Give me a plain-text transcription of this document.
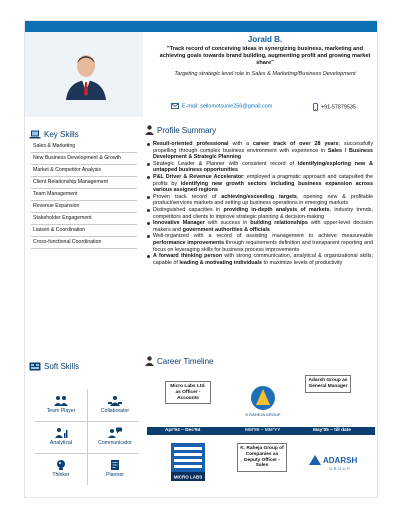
Jorald B.
"Track record of conceiving ideas in synergizing business, marketing and achieving goals towards brand building, augmenting profit and growing market share"
Targeting strategic level role in Sales & Marketing/Business Development
E-mail: sellomotsunie256@gmail.com	+91-57879535
Key Skills
Sales & Marketing
New Business Development & Growth
Market & Competitor Analysis
Client Relationship Management
Team Management
Revenue Expansion
Stakeholder Engagement
Liaison & Coordination
Cross-functional Coordination
Soft Skills
Team Player	Collaborator
Analytical	Communicator
Thinker	Planner
Profile Summary
Result-oriented professional with a career track of over 28 years; successfully propelling through complex business environment with experience in Sales / Business Development & Strategic Planning
Strategic Leader & Planner with consistent record of identifying/exploring new & untapped business opportunities
P&L Driver & Revenue Accelerator; employed a pragmatic approach and catapulted the profits by identifying new growth sectors including business expansion across various assigned regions
Proven track record of achieving/exceeding targets, opening new & profitable product/services markets and setting up business operations in emerging markets
Distinguished capacities in providing in-depth analysis of markets, industry trends, competitors and clients to improve strategic planning & decision-making
Innovative Manager with success in building relationships with upper-level decision makers and government authorities & officials
Well-organized with a record of assisting management to achieve measureable performance improvements through requirements definition and transparent reporting and focus on leveraging skills for business process improvements
A forward thinking person with strong communication, analytical & organizational skills; capable of leading & motivating individuals to maximize levels of productivity
Career Timeline
Micro Labs Ltd. as Officer - Accounts
Adarsh Group as General Manager
K RAHEJA GROUP
Apr'94 – Dec'94	MM'95 – MM'YY	May'05 – till date
MICRO LABS
K. Raheja Group of Companies as Deputy Officer - Sales
ADARSH
GROUP
